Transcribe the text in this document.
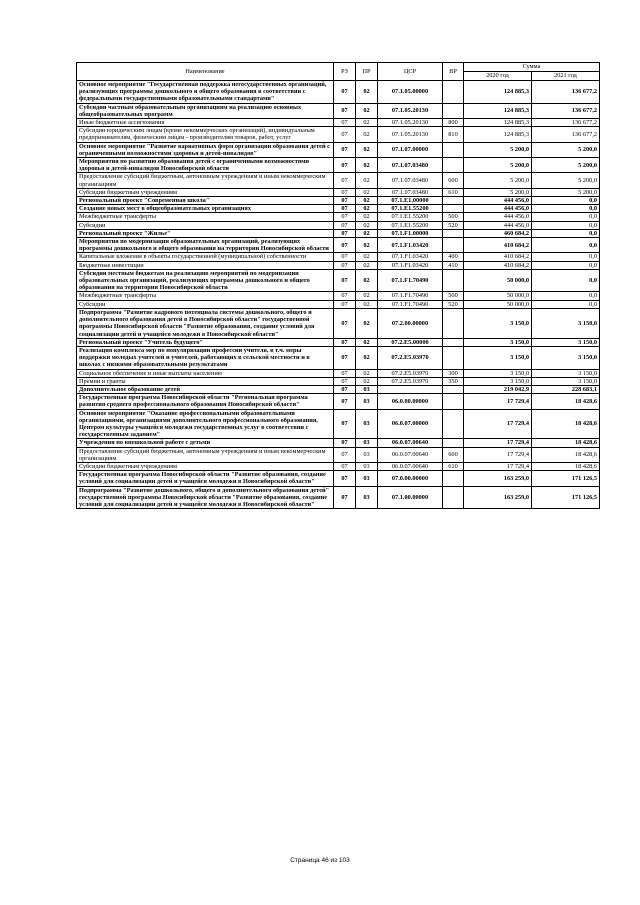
Наименование	РЗ	ПР	ЦСР	ВР	Сумма	
					2020 год	2021 год
Основное мероприятие "Государственная поддержка негосударственных организаций, реализующих программы дошкольного и общего образования в соответствии с федеральными государственными образовательными стандартами"	07	02	07.1.05.00000		124 885,3	136 677,2
Субсидии частным образовательным организациям на реализацию основных общеобразовательных программ	07	02	07.1.05.20130		124 885,3	136 677,2
Иные бюджетные ассигнования	07	02	07.1.05.20130	800	124 885,3	136 677,2
Субсидии юридическим лицам (кроме некоммерческих организаций), индивидуальным предпринимателям, физическим лицам - производителям товаров, работ, услуг	07	02	07.1.05.20130	810	124 885,3	136 677,2
Основное мероприятие "Развитие вариативных форм организации образования детей с ограниченными возможностями здоровья и детей-инвалидов"	07	02	07.1.07.00000		5 200,0	5 200,0
Мероприятия по развитию образования детей с ограниченными возможностями здоровья и детей-инвалидов Новосибирской области	07	02	07.1.07.03480		5 200,0	5 200,0
Предоставление субсидий бюджетным, автономным учреждениям и иным некоммерческим организациям	07	02	07.1.07.03480	600	5 200,0	5 200,0
Субсидии бюджетным учреждениям	07	02	07.1.07.03480	610	5 200,0	5 200,0
Региональный проект "Современная школа"	07	02	07.1.E1.00000		444 456,0	0,0
Создание новых мест в общеобразовательных организациях	07	02	07.1.E1.55200		444 456,0	0,0
Межбюджетные трансферты	07	02	07.1.E1.55200	500	444 456,0	0,0
Субсидии	07	02	07.1.E1.55200	520	444 456,0	0,0
Региональный проект "Жилье"	07	02	07.1.F1.00000		460 684,2	0,0
Мероприятия по модернизации образовательных организаций, реализующих программы дошкольного и общего образования на территории Новосибирской области	07	02	07.1.F1.03420		410 684,2	0,0
Капитальные вложения в объекты государственной (муниципальной) собственности	07	02	07.1.F1.03420	400	410 684,2	0,0
Бюджетные инвестиции	07	02	07.1.F1.03420	410	410 684,2	0,0
Субсидии местным бюджетам на реализацию мероприятий по модернизации образовательных организаций, реализующих программы дошкольного и общего образования на территории Новосибирской области	07	02	07.1.F1.70490		50 000,0	0,0
Межбюджетные трансферты	07	02	07.1.F1.70490	500	50 000,0	0,0
Субсидии	07	02	07.1.F1.70490	520	50 000,0	0,0
Подпрограмма "Развитие кадрового потенциала системы дошкольного, общего и дополнительного образования детей в Новосибирской области" государственной программы Новосибирской области "Развитие образования, создание условий для социализации детей и учащейся молодежи в Новосибирской области"	07	02	07.2.00.00000		3 150,0	3 150,0
Региональный проект "Учитель будущего"	07	02	07.2.E5.00000		3 150,0	3 150,0
Реализация комплекса мер по популяризации профессии учителя, в т.ч. меры поддержки молодых учителей и учителей, работающих в сельской местности и в школах с низкими образовательными результатами	07	02	07.2.E5.03970		3 150,0	3 150,0
Социальное обеспечение и иные выплаты населению	07	02	07.2.E5.03970	300	3 150,0	3 150,0
Премии и гранты	07	02	07.2.E5.03970	350	3 150,0	3 150,0
Дополнительное образование детей	07	03			219 042,9	228 683,1
Государственная программа Новосибирской области "Региональная программа развития среднего профессионального образования Новосибирской области"	07	03	06.0.00.00000		17 729,4	18 428,6
Основное мероприятие "Оказание профессиональными образовательными организациями, организациями дополнительного профессионального образования, Центром культуры учащейся молодежи государственных услуг в соответствии с государственным заданием"	07	03	06.0.07.00000		17 729,4	18 428,6
Учреждения по внешкольной работе с детьми	07	03	06.0.07.00640		17 729,4	18 428,6
Предоставление субсидий бюджетным, автономным учреждениям и иным некоммерческим организациям	07	03	06.0.07.00640	600	17 729,4	18 428,6
Субсидии бюджетным учреждениям	07	03	06.0.07.00640	610	17 729,4	18 428,6
Государственная программа Новосибирской области "Развитие образования, создание условий для социализации детей и учащейся молодежи в Новосибирской области"	07	03	07.0.00.00000		163 259,0	171 126,5
Подпрограмма "Развитие дошкольного, общего и дополнительного образования детей" государственной программы Новосибирской области "Развитие образования, создание условий для социализации детей и учащейся молодежи в Новосибирской области"	07	03	07.1.00.00000		163 259,0	171 126,5
Страница 46 из 103
